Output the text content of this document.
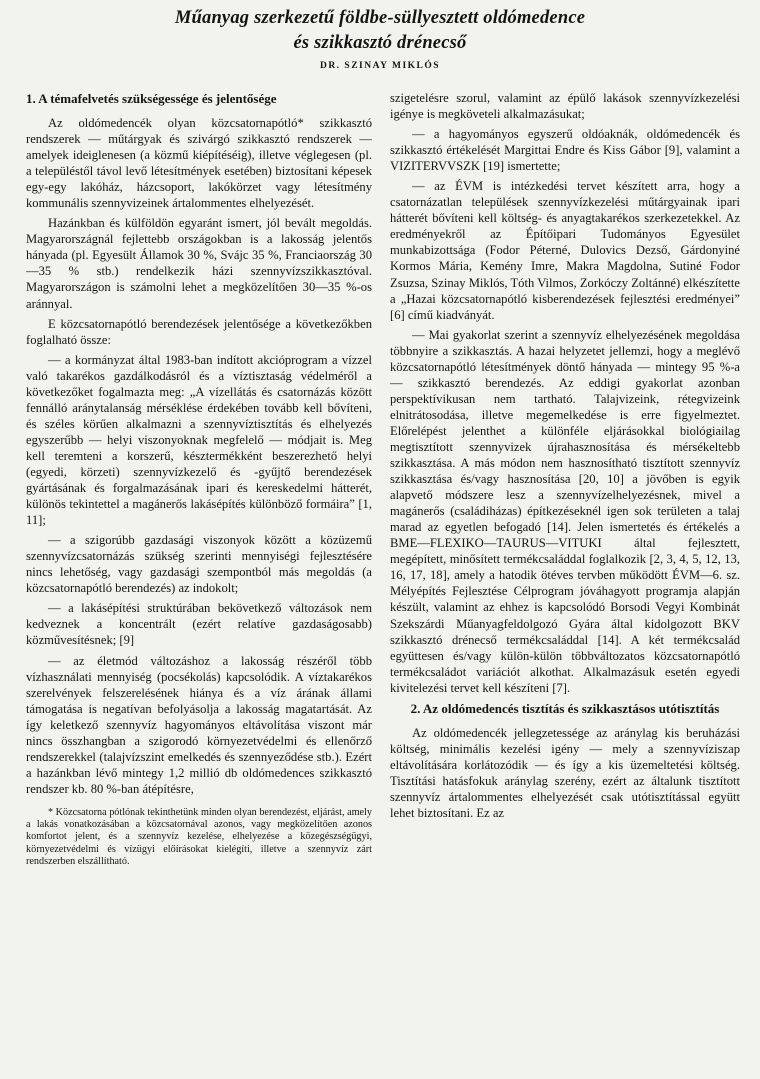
Műanyag szerkezetű földbe-süllyesztett oldómedence
és szikkasztó drénecső
DR. SZINAY MIKLÓS
1. A témafelvetés szükségessége és jelentősége

Az oldómedencék olyan közcsatornapótló* szikkasztó rendszerek — műtárgyak és szivárgó szikkasztó rendszerek — amelyek ideiglenesen (a közmű kiépítéséig), illetve véglegesen (pl. a településtől távol levő létesítmények esetében) biztosítani képesek egy-egy lakóház, házcsoport, lakókörzet vagy létesítmény kommunális szennyvizeinek ártalommentes elhelyezését.

Hazánkban és külföldön egyaránt ismert, jól bevált megoldás. Magyarországnál fejlettebb országokban is a lakosság jelentős hányada (pl. Egyesült Államok 30 %, Svájc 35 %, Franciaország 30—35 % stb.) rendelkezik házi szennyvízszikkasztóval. Magyarországon is számolni lehet a megközelítően 30—35 %-os aránnyal.

E közcsatornapótló berendezések jelentősége a következőkben foglalható össze:

— a kormányzat által 1983-ban indított akcióprogram a vízzel való takarékos gazdálkodásról és a víztisztaság védelméről a következőket fogalmazta meg: „A vízellátás és csatornázás között fennálló aránytalanság mérséklése érdekében tovább kell bővíteni, és széles körűen alkalmazni a szennyvíztisztítás és elhelyezés egyszerűbb — helyi viszonyoknak megfelelő — módjait is. Meg kell teremteni a korszerű, késztermékként beszerezhető helyi (egyedi, körzeti) szennyvízkezelő és -gyűjtő berendezések gyártásának és forgalmazásának ipari és kereskedelmi hátterét, különös tekintettel a magánerős lakásépítés különböző formáira” [1, 11];

— a szigorúbb gazdasági viszonyok között a közüzemű szennyvízcsatornázás szükség szerinti mennyiségi fejlesztésére nincs lehetőség, vagy gazdasági szempontból más megoldás (a közcsatornapótló berendezés) az indokolt;

— a lakásépítési struktúrában bekövetkező változások nem kedveznek a koncentrált (ezért relatíve gazdaságosabb) közművesítésnek; [9]

— az életmód változáshoz a lakosság részéről több vízhasználati mennyiség (pocsékolás) kapcsolódik. A víztakarékos szerelvények felszerelésének hiánya és a víz árának állami támogatása is negatívan befolyásolja a lakosság magatartását. Az így keletkező szennyvíz hagyományos eltávolítása viszont már nincs összhangban a szigorodó környezetvédelmi és ellenőrző rendszerekkel (talajvízszint emelkedés és szennyeződése stb.). Ezért a hazánkban lévő mintegy 1,2 millió db oldómedences szikkasztó rendszer kb. 80 %-ban átépítésre,

* Közcsatorna pótlónak tekinthetünk minden olyan berendezést, eljárást, amely a lakás vonatkozásában a közcsatornával azonos, vagy megközelítően azonos komfortot jelent, és a szennyvíz kezelése, elhelyezése a közegészségügyi, környezetvédelmi és vízügyi előírásokat kielégíti, illetve a szennyvíz zárt rendszerben elszállítható.

szigetelésre szorul, valamint az épülő lakások szennyvízkezelési igénye is megköveteli alkalmazásukat;

— a hagyományos egyszerű oldóaknák, oldómedencék és szikkasztó értékelését Margittai Endre és Kiss Gábor [9], valamint a VIZITERVVSZK [19] ismertette;

— az ÉVM is intézkedési tervet készített arra, hogy a csatornázatlan települések szennyvízkezelési műtárgyainak ipari hátterét bővíteni kell költség- és anyagtakarékos szerkezetekkel. Az eredményekről az Építőipari Tudományos Egyesület munkabizottsága (Fodor Péterné, Dulovics Dezső, Gárdonyiné Kormos Mária, Kemény Imre, Makra Magdolna, Sutiné Fodor Zsuzsa, Szinay Miklós, Tóth Vilmos, Zorkóczy Zoltánné) elkészítette a „Hazai közcsatornapótló kisberendezések fejlesztési eredményei” [6] című kiadványát.

— Mai gyakorlat szerint a szennyvíz elhelyezésének megoldása többnyire a szikkasztás. A hazai helyzetet jellemzi, hogy a meglévő közcsatornapótló létesítmények döntő hányada — mintegy 95 %-a — szikkasztó berendezés. Az eddigi gyakorlat azonban perspektívikusan nem tartható. Talajvizeink, rétegvizeink elnitrátosodása, illetve megemelkedése is erre figyelmeztet. Előrelépést jelenthet a különféle eljárásokkal biológiailag megtisztított szennyvizek újrahasznosítása és mérsékeltebb szikkasztása. A más módon nem hasznosítható tisztított szennyvíz szikkasztása és/vagy hasznosítása [20, 10] a jövőben is egyik alapvető módszere lesz a szennyvízelhelyezésnek, mivel a magánerős (családiházas) építkezéseknél igen sok területen a talaj marad az egyetlen befogadó [14]. Jelen ismertetés és értékelés a BME—FLEXIKO—TAURUS—VITUKI által fejlesztett, megépített, minősített termékcsaláddal foglalkozik [2, 3, 4, 5, 12, 13, 16, 17, 18], amely a hatodik ötéves tervben működött ÉVM—6. sz. Mélyépítés Fejlesztése Célprogram jóváhagyott programja alapján készült, valamint az ehhez is kapcsolódó Borsodi Vegyi Kombinát Szekszárdi Műanyagfeldolgozó Gyára által kidolgozott BKV szikkasztó drénecső termékcsaláddal [14]. A két termékcsalád együttesen és/vagy külön-külön többváltozatos közcsatornapótló termékcsaládot variációt alkothat. Alkalmazásuk esetén egyedi kivitelezési tervet kell készíteni [7].

2. Az oldómedencés tisztítás és szikkasztásos utótisztítás

Az oldómedencék jellegzetessége az aránylag kis beruházási költség, minimális kezelési igény — mely a szennyvíziszap eltávolítására korlátozódik — és így a kis üzemeltetési költség. Tisztítási hatásfokuk aránylag szerény, ezért az általunk tisztított szennyvíz ártalommentes elhelyezését csak utótisztítással együtt lehet biztosítani. Ez az
